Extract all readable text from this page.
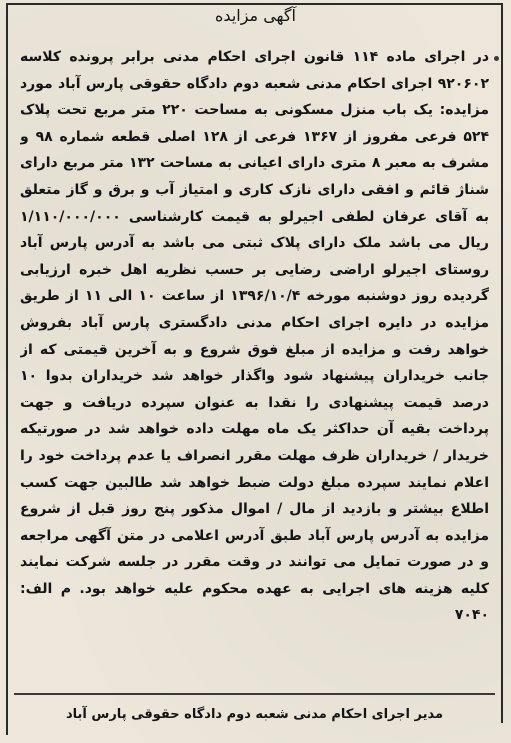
آگهی مزایده

در اجرای ماده ۱۱۴ قانون اجرای احکام مدنی برابر پرونده کلاسه ۹۲۰۶۰۲ اجرای احکام مدنی شعبه دوم دادگاه حقوقی پارس آباد مورد مزایده: یک باب منزل مسکونی به مساحت ۲۲۰ متر مربع تحت پلاک ۵۲۴ فرعی مفروز از ۱۳۶۷ فرعی از ۱۲۸ اصلی قطعه شماره ۹۸ و مشرف به معبر ۸ متری دارای اعیانی به مساحت ۱۳۲ متر مربع دارای شناژ قائم و افقی دارای نازک کاری و امتیاز آب و برق و گاز متعلق به آقای عرفان لطفی اجیرلو به قیمت کارشناسی ۱/۱۱۰/۰۰۰/۰۰۰ ریال می باشد ملک دارای پلاک ثبتی می باشد به آدرس پارس آباد روستای اجیرلو اراضی رضایی بر حسب نظریه اهل خبره ارزیابی گردیده روز دوشنبه مورخه ۱۳۹۶/۱۰/۴ از ساعت ۱۰ الی ۱۱ از طریق مزایده در دایره اجرای احکام مدنی دادگستری پارس آباد بفروش خواهد رفت و مزایده از مبلغ فوق شروع و به آخرین قیمتی که از جانب خریداران پیشنهاد شود واگذار خواهد شد خریداران بدوا ۱۰ درصد قیمت پیشنهادی را نقدا به عنوان سپرده دریافت و جهت پرداخت بقیه آن حداکثر یک ماه مهلت داده خواهد شد در صورتیکه خریدار / خریداران ظرف مهلت مقرر انصراف یا عدم پرداخت خود را اعلام نمایند سپرده مبلغ دولت ضبط خواهد شد طالبین جهت کسب اطلاع بیشتر و بازدید از مال / اموال مذکور پنج روز قبل از شروع مزایده به آدرس پارس آباد طبق آدرس اعلامی در متن آگهی مراجعه و در صورت تمایل می توانند در وقت مقرر در جلسه شرکت نمایند کلیه هزینه های اجرایی به عهده محکوم علیه خواهد بود. م الف: ۷۰۴۰

مدیر اجرای احکام مدنی شعبه دوم دادگاه حقوقی پارس آباد
